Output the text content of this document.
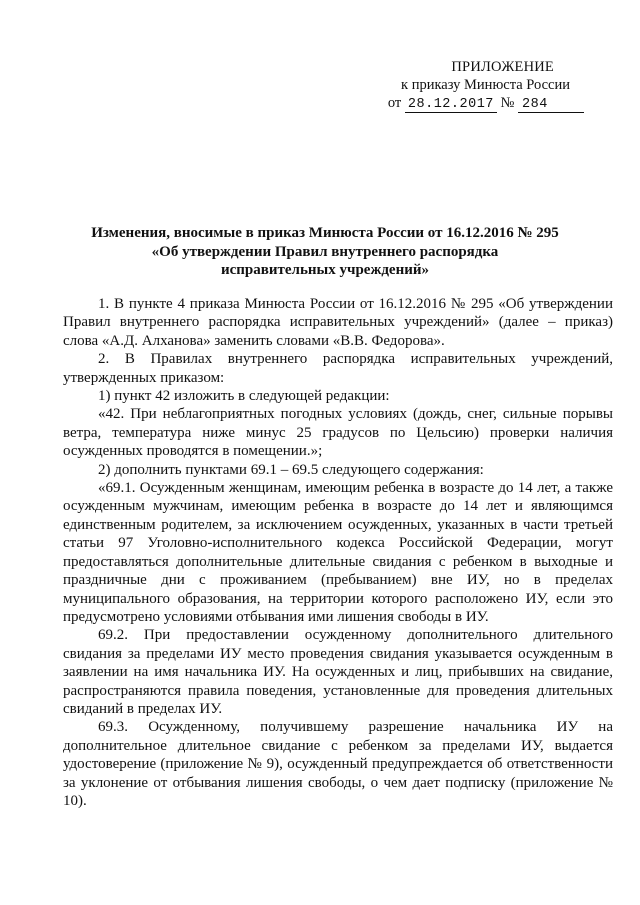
ПРИЛОЖЕНИЕ
к приказу Минюста России
от 28.12.2017 № 284
Изменения, вносимые в приказ Минюста России от 16.12.2016 № 295
«Об утверждении Правил внутреннего распорядка
исправительных учреждений»

1. В пункте 4 приказа Минюста России от 16.12.2016 № 295 «Об утверждении Правил внутреннего распорядка исправительных учреждений» (далее – приказ) слова «А.Д. Алханова» заменить словами «В.В. Федорова».

2. В Правилах внутреннего распорядка исправительных учреждений, утвержденных приказом:

1) пункт 42 изложить в следующей редакции:

«42. При неблагоприятных погодных условиях (дождь, снег, сильные порывы ветра, температура ниже минус 25 градусов по Цельсию) проверки наличия осужденных проводятся в помещении.»;

2) дополнить пунктами 69.1 – 69.5 следующего содержания:

«69.1. Осужденным женщинам, имеющим ребенка в возрасте до 14 лет, а также осужденным мужчинам, имеющим ребенка в возрасте до 14 лет и являющимся единственным родителем, за исключением осужденных, указанных в части третьей статьи 97 Уголовно-исполнительного кодекса Российской Федерации, могут предоставляться дополнительные длительные свидания с ребенком в выходные и праздничные дни с проживанием (пребыванием) вне ИУ, но в пределах муниципального образования, на территории которого расположено ИУ, если это предусмотрено условиями отбывания ими лишения свободы в ИУ.

69.2. При предоставлении осужденному дополнительного длительного свидания за пределами ИУ место проведения свидания указывается осужденным в заявлении на имя начальника ИУ. На осужденных и лиц, прибывших на свидание, распространяются правила поведения, установленные для проведения длительных свиданий в пределах ИУ.

69.3. Осужденному, получившему разрешение начальника ИУ на дополнительное длительное свидание с ребенком за пределами ИУ, выдается удостоверение (приложение № 9), осужденный предупреждается об ответственности за уклонение от отбывания лишения свободы, о чем дает подписку (приложение № 10).
